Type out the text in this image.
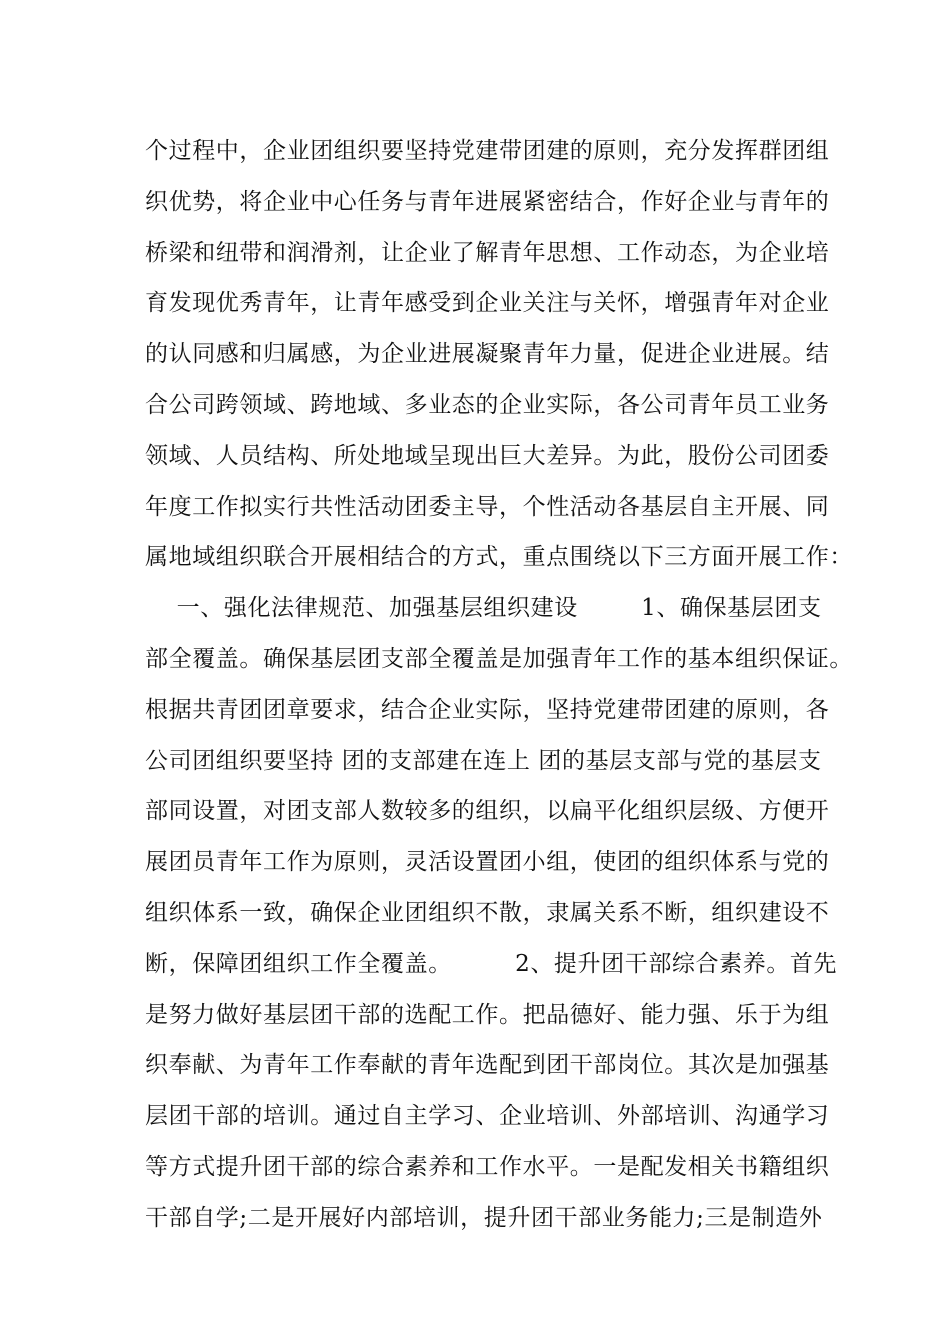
个过程中，企业团组织要坚持党建带团建的原则，充分发挥群团组
织优势，将企业中心任务与青年进展紧密结合，作好企业与青年的
桥梁和纽带和润滑剂，让企业了解青年思想、工作动态，为企业培
育发现优秀青年，让青年感受到企业关注与关怀，增强青年对企业
的认同感和归属感，为企业进展凝聚青年力量，促进企业进展。结
合公司跨领域、跨地域、多业态的企业实际，各公司青年员工业务
领域、人员结构、所处地域呈现出巨大差异。为此，股份公司团委
年度工作拟实行共性活动团委主导，个性活动各基层自主开展、同
属地域组织联合开展相结合的方式，重点围绕以下三方面开展工作：
一、强化法律规范、加强基层组织建设        1、确保基层团支
部全覆盖。确保基层团支部全覆盖是加强青年工作的基本组织保证。
根据共青团团章要求，结合企业实际，坚持党建带团建的原则，各
公司团组织要坚持 团的支部建在连上 团的基层支部与党的基层支
部同设置，对团支部人数较多的组织，以扁平化组织层级、方便开
展团员青年工作为原则，灵活设置团小组，使团的组织体系与党的
组织体系一致，确保企业团组织不散，隶属关系不断，组织建设不
断，保障团组织工作全覆盖。        2、提升团干部综合素养。首先
是努力做好基层团干部的选配工作。把品德好、能力强、乐于为组
织奉献、为青年工作奉献的青年选配到团干部岗位。其次是加强基
层团干部的培训。通过自主学习、企业培训、外部培训、沟通学习
等方式提升团干部的综合素养和工作水平。一是配发相关书籍组织
干部自学;二是开展好内部培训，提升团干部业务能力;三是制造外
